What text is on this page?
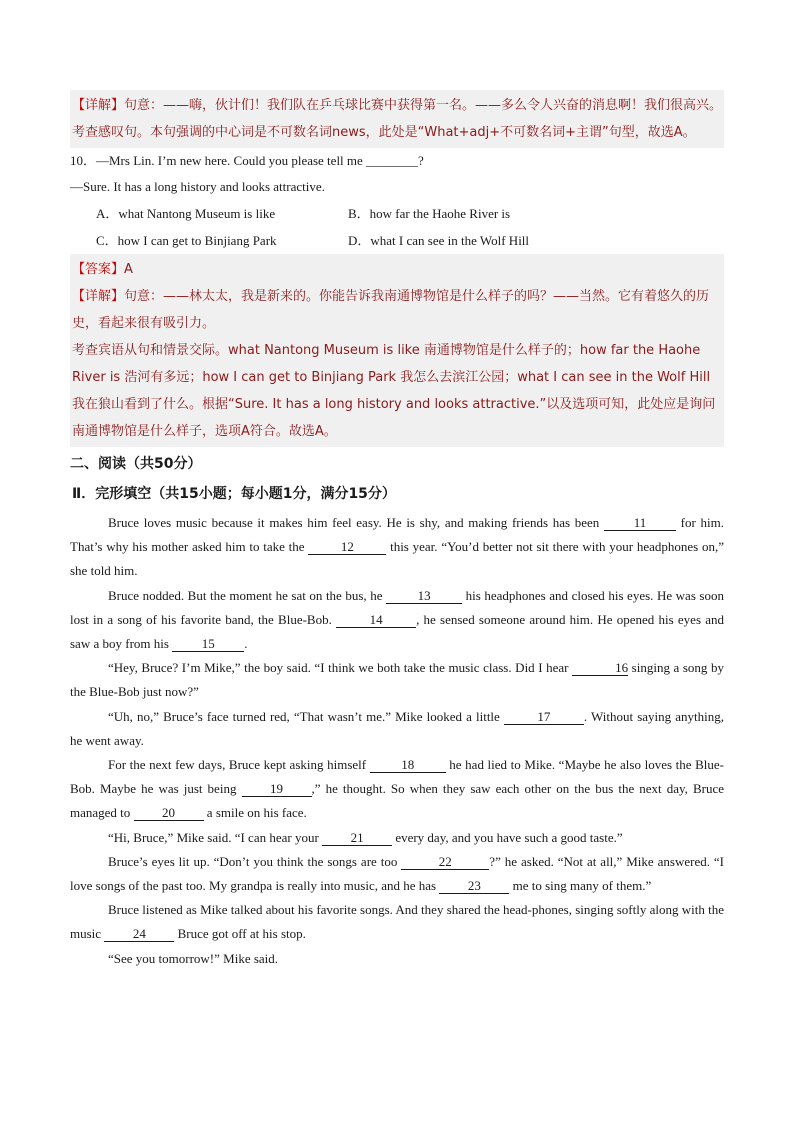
【详解】句意：——嗨，伙计们！我们队在乒乓球比赛中获得第一名。——多么令人兴奋的消息啊！我们很高兴。
考查感叹句。本句强调的中心词是不可数名词news，此处是“What+adj+不可数名词+主谓”句型，故选A。
10．—Mrs Lin. I’m new here. Could you please tell me ________?
—Sure. It has a long history and looks attractive.
A．what Nantong Museum is like	B．how far the Haohe River is
C．how I can get to Binjiang Park	D．what I can see in the Wolf Hill
【答案】A
【详解】句意：——林太太，我是新来的。你能告诉我南通博物馆是什么样子的吗？——当然。它有着悠久的历史，看起来很有吸引力。
考查宾语从句和情景交际。what Nantong Museum is like 南通博物馆是什么样子的；how far the Haohe River is 浩河有多远；how I can get to Binjiang Park 我怎么去滨江公园；what I can see in the Wolf Hill 我在狼山看到了什么。根据“Sure. It has a long history and looks attractive.”以及选项可知，此处应是询问南通博物馆是什么样子，选项A符合。故选A。
二、阅读（共50分）
Ⅱ．完形填空（共15小题；每小题1分，满分15分）

Bruce loves music because it makes him feel easy. He is shy, and making friends has been 11 for him. That’s why his mother asked him to take the	12	this year. “You’d better not sit there with your headphones on,” she told him.

Bruce nodded. But the moment he sat on the bus, he 13 his headphones and closed his eyes. He was soon lost in a song of his favorite band, the Blue-Bob.	14	, he sensed someone around him. He opened his eyes and saw a boy from his 15 .

“Hey, Bruce? I’m Mike,” the boy said. “I think we both take the music class. Did I hear	16 singing a song by the Blue-Bob just now?”

“Uh, no,” Bruce’s face turned red, “That wasn’t me.” Mike looked a little	17	. Without saying anything, he went away.

For the next few days, Bruce kept asking himself 18 he had lied to Mike. “Maybe he also loves the Blue-Bob. Maybe he was just being 19 ,” he thought. So when they saw each other on the bus the next day, Bruce managed to 20 a smile on his face.

“Hi, Bruce,” Mike said. “I can hear your 21 every day, and you have such a good taste.”

Bruce’s eyes lit up. “Don’t you think the songs are too	22	?” he asked. “Not at all,” Mike answered. “I love songs of the past too. My grandpa is really into music, and he has 23 me to sing many of them.”

Bruce listened as Mike talked about his favorite songs. And they shared the head-phones, singing softly along with the music 24 Bruce got off at his stop.

“See you tomorrow!” Mike said.
